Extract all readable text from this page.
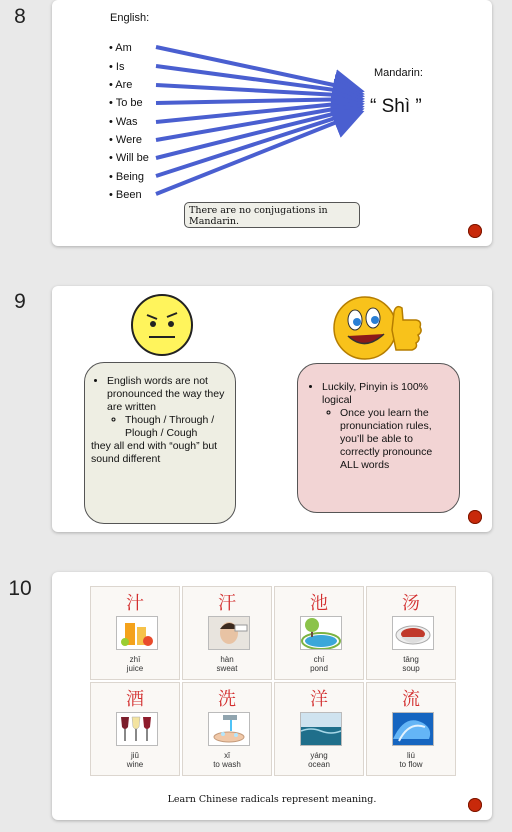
8	English:
• Am
• Is
• Are
• To be
• Was
• Were
• Will be
• Being
• Been
Mandarin:
“ Shì ”
There are no conjugations in Mandarin.
9
• English words are not pronounced the way they are written
◦ Though / Through / Plough / Cough
they all end with “ough” but sound different
• Luckily, Pinyin is 100% logical
◦ Once you learn the pronunciation rules, you’ll be able to correctly pronounce ALL words
10
汁
zhī
juice
汗
hàn
sweat
池
chí
pond
汤
tāng
soup
酒
jiǔ
wine
洗
xǐ
to wash
洋
yáng
ocean
流
liú
to flow
Learn Chinese radicals represent meaning.
